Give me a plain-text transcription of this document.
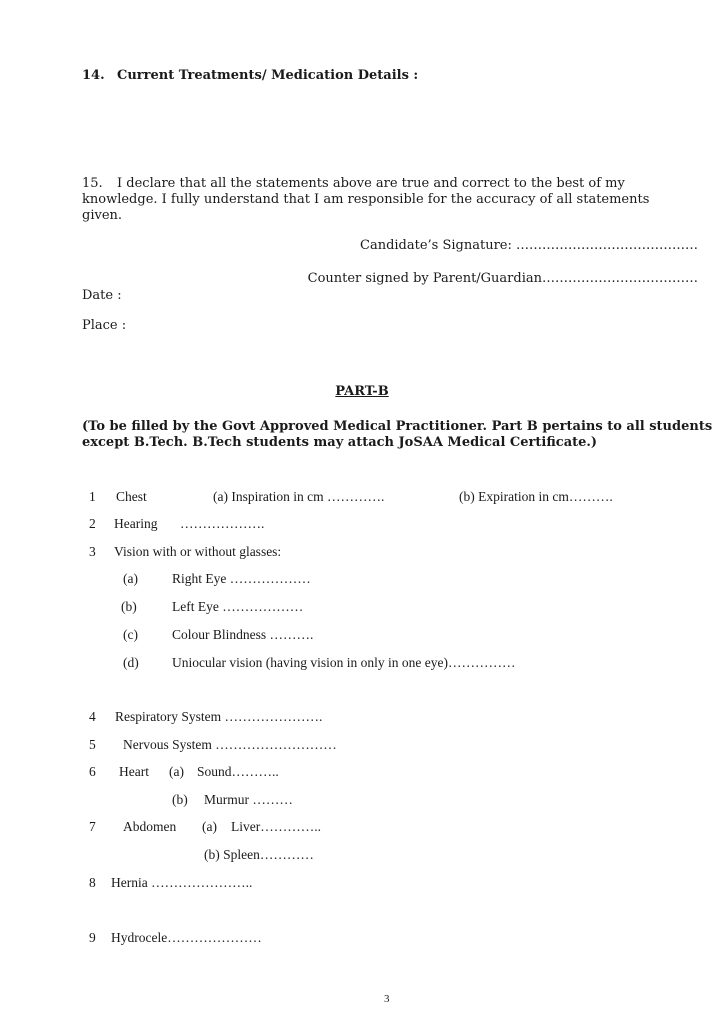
14. Current Treatments/ Medication Details :
15. I declare that all the statements above are true and correct to the best of my
knowledge. I fully understand that I am responsible for the accuracy of all statements
given.
Candidate’s Signature: ……………………………………
Counter signed by Parent/Guardian………………………………
Date :
Place :
PART-B
(To be filled by the Govt Approved Medical Practitioner. Part B pertains to all students
except B.Tech. B.Tech students may attach JoSAA Medical Certificate.)
1 Chest	(a) Inspiration in cm ………….	(b) Expiration in cm……….
2 Hearing ……………….
3 Vision with or without glasses:
(a)	Right Eye ………………
(b)	Left Eye ………………
(c)	Colour Blindness ……….
(d) Uniocular vision (having vision in only in one eye)……………
4 Respiratory System ………………….
5 Nervous System ………………………
6 Heart (a) Sound………..
(b) Murmur ………
7 Abdomen (a) Liver…………..
(b) Spleen…………
8 Hernia …………………..
9 Hydrocele…………………
3
